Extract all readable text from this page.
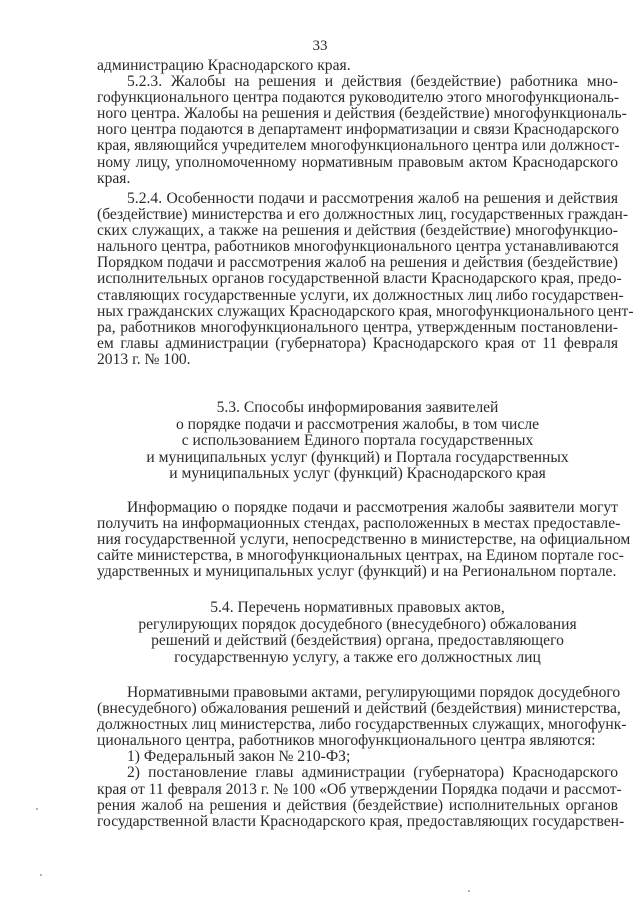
33
администрацию Краснодарского края.
5.2.3. Жалобы на решения и действия (бездействие) работника мно-
гофункционального центра подаются руководителю этого многофункциональ-
ного центра. Жалобы на решения и действия (бездействие) многофункциональ-
ного центра подаются в департамент информатизации и связи Краснодарского
края, являющийся учредителем многофункционального центра или должност-
ному лицу, уполномоченному нормативным правовым актом Краснодарского
края.
5.2.4. Особенности подачи и рассмотрения жалоб на решения и действия
(бездействие) министерства и его должностных лиц, государственных граждан-
ских служащих, а также на решения и действия (бездействие) многофункцио-
нального центра, работников многофункционального центра устанавливаются
Порядком подачи и рассмотрения жалоб на решения и действия (бездействие)
исполнительных органов государственной власти Краснодарского края, предо-
ставляющих государственные услуги, их должностных лиц либо государствен-
ных гражданских служащих Краснодарского края, многофункционального цент-
ра, работников многофункционального центра, утвержденным постановлени-
ем главы администрации (губернатора) Краснодарского края от 11 февраля
2013 г. № 100.
5.3. Способы информирования заявителей
о порядке подачи и рассмотрения жалобы, в том числе
с использованием Единого портала государственных
и муниципальных услуг (функций) и Портала государственных
и муниципальных услуг (функций) Краснодарского края
Информацию о порядке подачи и рассмотрения жалобы заявители могут
получить на информационных стендах, расположенных в местах предоставле-
ния государственной услуги, непосредственно в министерстве, на официальном
сайте министерства, в многофункциональных центрах, на Едином портале гос-
ударственных и муниципальных услуг (функций) и на Региональном портале.
5.4. Перечень нормативных правовых актов,
регулирующих порядок досудебного (внесудебного) обжалования
решений и действий (бездействия) органа, предоставляющего
государственную услугу, а также его должностных лиц
Нормативными правовыми актами, регулирующими порядок досудебного
(внесудебного) обжалования решений и действий (бездействия) министерства,
должностных лиц министерства, либо государственных служащих, многофунк-
ционального центра, работников многофункционального центра являются:
1) Федеральный закон № 210-ФЗ;
2) постановление главы администрации (губернатора) Краснодарского
края от 11 февраля 2013 г. № 100 «Об утверждении Порядка подачи и рассмот-
рения жалоб на решения и действия (бездействие) исполнительных органов
государственной власти Краснодарского края, предоставляющих государствен-
